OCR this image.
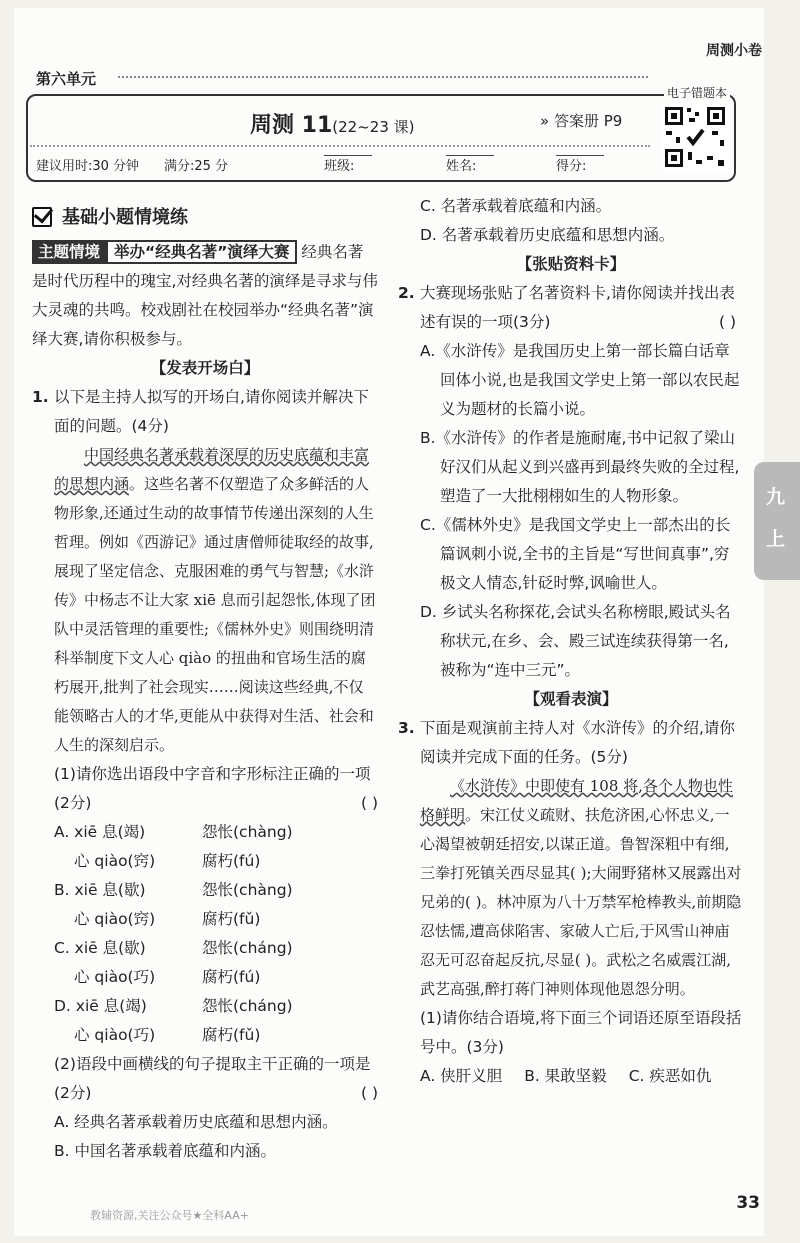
周测小卷
第六单元
电子错题本
周测 11(22~23 课)	» 答案册 P9
建议用时:30 分钟 满分:25 分	班级:	姓名:	得分:
九
上
基础小题情境练
主题情境 举办“经典名著”演绎大赛 经典名著是时代历程中的瑰宝,对经典名著的演绎是寻求与伟大灵魂的共鸣。校戏剧社在校园举办“经典名著”演绎大赛,请你积极参与。
【发表开场白】
1. 以下是主持人拟写的开场白,请你阅读并解决下面的问题。(4分)
中国经典名著承载着深厚的历史底蕴和丰富的思想内涵。这些名著不仅塑造了众多鲜活的人物形象,还通过生动的故事情节传递出深刻的人生哲理。例如《西游记》通过唐僧师徒取经的故事,展现了坚定信念、克服困难的勇气与智慧;《水浒传》中杨志不让大家 xiē 息而引起怨怅,体现了团队中灵活管理的重要性;《儒林外史》则围绕明清科举制度下文人心 qiào 的扭曲和官场生活的腐朽展开,批判了社会现实……阅读这些经典,不仅能领略古人的才华,更能从中获得对生活、社会和人生的深刻启示。
(1)请你选出语段中字音和字形标注正确的一项(2分)	( )
A. xiē 息(竭)	怨怅(chàng)
心 qiào(窍)	腐朽(fú)
B. xiē 息(歇)	怨怅(chàng)
心 qiào(窍)	腐朽(fǔ)
C. xiē 息(歇)	怨怅(cháng)
心 qiào(巧)	腐朽(fú)
D. xiē 息(竭)	怨怅(cháng)
心 qiào(巧)	腐朽(fǔ)
(2)语段中画横线的句子提取主干正确的一项是(2分)	( )
A. 经典名著承载着历史底蕴和思想内涵。
B. 中国名著承载着底蕴和内涵。
C. 名著承载着底蕴和内涵。
D. 名著承载着历史底蕴和思想内涵。
【张贴资料卡】
2. 大赛现场张贴了名著资料卡,请你阅读并找出表述有误的一项(3分)	( )
A.《水浒传》是我国历史上第一部长篇白话章回体小说,也是我国文学史上第一部以农民起义为题材的长篇小说。
B.《水浒传》的作者是施耐庵,书中记叙了梁山好汉们从起义到兴盛再到最终失败的全过程,塑造了一大批栩栩如生的人物形象。
C.《儒林外史》是我国文学史上一部杰出的长篇讽刺小说,全书的主旨是“写世间真事”,穷极文人情态,针砭时弊,讽喻世人。
D. 乡试头名称探花,会试头名称榜眼,殿试头名称状元,在乡、会、殿三试连续获得第一名,被称为“连中三元”。
【观看表演】
3. 下面是观演前主持人对《水浒传》的介绍,请你阅读并完成下面的任务。(5分)
《水浒传》中即使有 108 将,各个人物也性格鲜明。宋江仗义疏财、扶危济困,心怀忠义,一心渴望被朝廷招安,以谋正道。鲁智深粗中有细,三拳打死镇关西尽显其( );大闹野猪林又展露出对兄弟的( )。林冲原为八十万禁军枪棒教头,前期隐忍怯懦,遭高俅陷害、家破人亡后,于风雪山神庙忍无可忍奋起反抗,尽显( )。武松之名威震江湖,武艺高强,醉打蒋门神则体现他恩怨分明。
(1)请你结合语境,将下面三个词语还原至语段括号中。(3分)
A. 侠肝义胆 B. 果敢坚毅 C. 疾恶如仇
教辅资源,关注公众号★全科AA+
33
